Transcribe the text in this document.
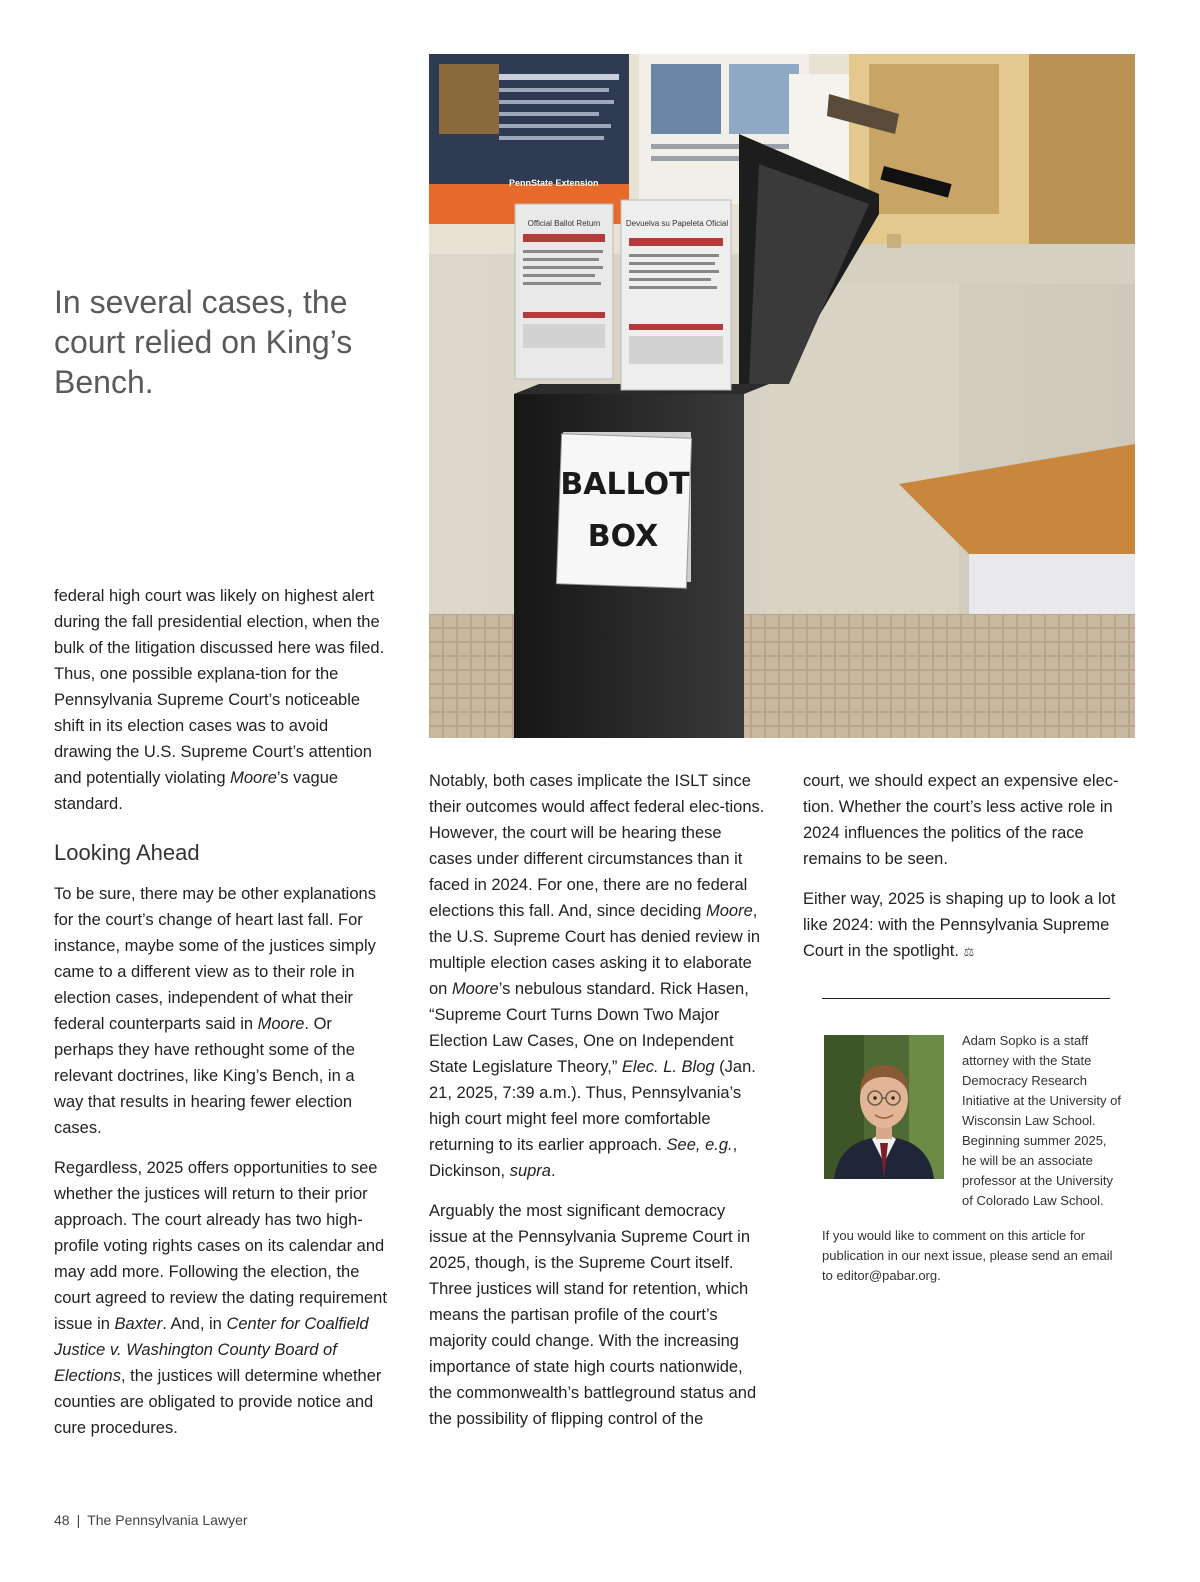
In several cases, the court relied on King’s Bench.

federal high court was likely on highest alert during the fall presidential election, when the bulk of the litigation discussed here was filed. Thus, one possible explana-tion for the Pennsylvania Supreme Court’s noticeable shift in its election cases was to avoid drawing the U.S. Supreme Court’s attention and potentially violating Moore’s vague standard.

Looking Ahead

To be sure, there may be other explanations for the court’s change of heart last fall. For instance, maybe some of the justices simply came to a different view as to their role in election cases, independent of what their federal counterparts said in Moore. Or perhaps they have rethought some of the relevant doctrines, like King’s Bench, in a way that results in hearing fewer election cases.

Regardless, 2025 offers opportunities to see whether the justices will return to their prior approach. The court already has two high-profile voting rights cases on its calendar and may add more. Following the election, the court agreed to review the dating requirement issue in Baxter. And, in Center for Coalfield Justice v. Washington County Board of Elections, the justices will determine whether counties are obligated to provide notice and cure procedures.

PennState Extension
Official Ballot Return	Devuelva su Papeleta Oficial
BALLOT
BOX

Notably, both cases implicate the ISLT since their outcomes would affect federal elec-tions. However, the court will be hearing these cases under different circumstances than it faced in 2024. For one, there are no federal elections this fall. And, since deciding Moore, the U.S. Supreme Court has denied review in multiple election cases asking it to elaborate on Moore’s nebulous standard. Rick Hasen, “Supreme Court Turns Down Two Major Election Law Cases, One on Independent State Legislature Theory,” Elec. L. Blog (Jan. 21, 2025, 7:39 a.m.). Thus, Pennsylvania’s high court might feel more comfortable returning to its earlier approach. See, e.g., Dickinson, supra.

Arguably the most significant democracy issue at the Pennsylvania Supreme Court in 2025, though, is the Supreme Court itself. Three justices will stand for retention, which means the partisan profile of the court’s majority could change. With the increasing importance of state high courts nationwide, the commonwealth’s battleground status and the possibility of flipping control of the

court, we should expect an expensive elec-tion. Whether the court’s less active role in 2024 influences the politics of the race remains to be seen.

Either way, 2025 is shaping up to look a lot like 2024: with the Pennsylvania Supreme Court in the spotlight. ⚖

Adam Sopko is a staff attorney with the State Democracy Research Initiative at the University of Wisconsin Law School. Beginning summer 2025, he will be an associate professor at the University of Colorado Law School.

If you would like to comment on this article for publication in our next issue, please send an email to editor@pabar.org.

48 | The Pennsylvania Lawyer
